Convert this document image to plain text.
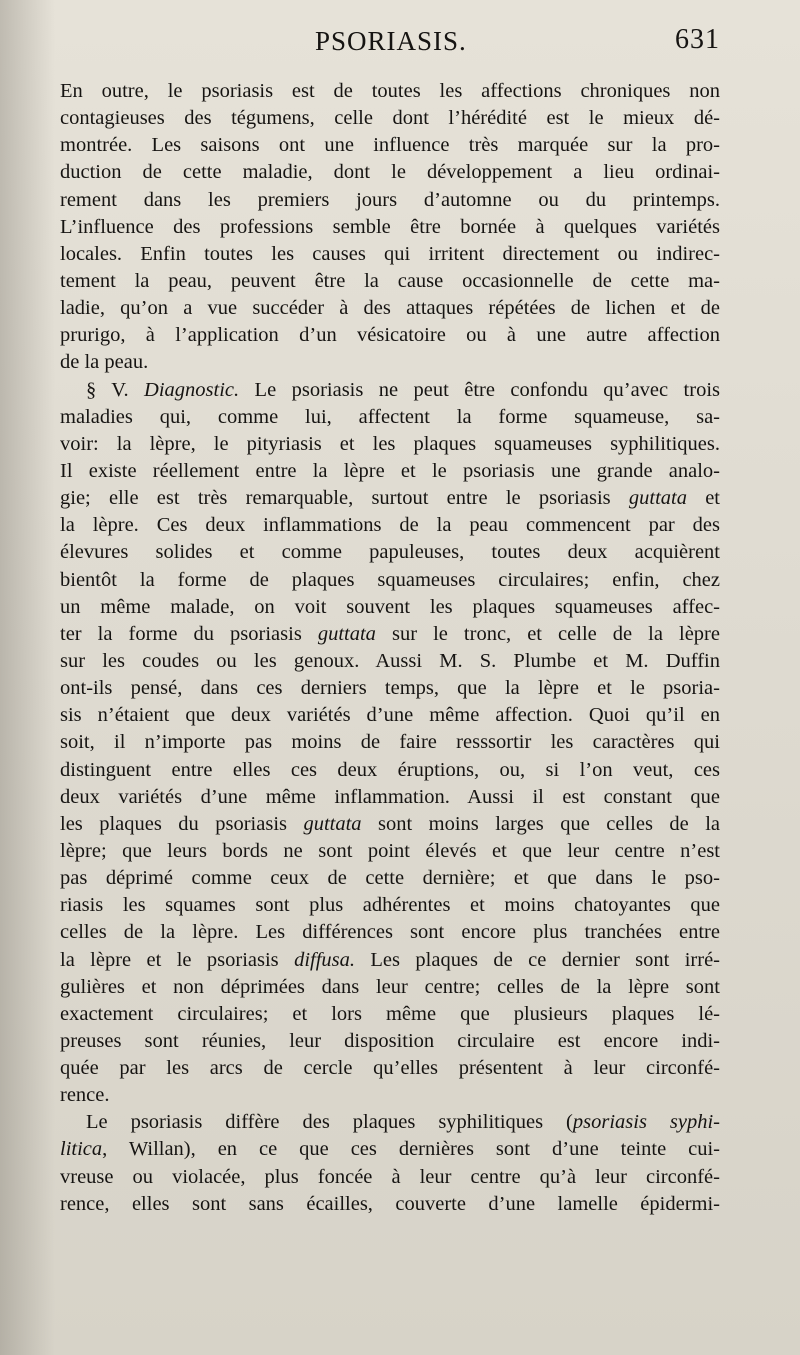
PSORIASIS.	631
En outre, le psoriasis est de toutes les affections chroniques non
contagieuses des tégumens, celle dont l’hérédité est le mieux dé-
montrée. Les saisons ont une influence très marquée sur la pro-
duction de cette maladie, dont le développement a lieu ordinai-
rement dans les premiers jours d’automne ou du printemps.
L’influence des professions semble être bornée à quelques variétés
locales. Enfin toutes les causes qui irritent directement ou indirec-
tement la peau, peuvent être la cause occasionnelle de cette ma-
ladie, qu’on a vue succéder à des attaques répétées de lichen et de
prurigo, à l’application d’un vésicatoire ou à une autre affection
de la peau.
§ V. Diagnostic. Le psoriasis ne peut être confondu qu’avec trois
maladies qui, comme lui, affectent la forme squameuse, sa-
voir: la lèpre, le pityriasis et les plaques squameuses syphilitiques.
Il existe réellement entre la lèpre et le psoriasis une grande analo-
gie; elle est très remarquable, surtout entre le psoriasis guttata et
la lèpre. Ces deux inflammations de la peau commencent par des
élevures solides et comme papuleuses, toutes deux acquièrent
bientôt la forme de plaques squameuses circulaires; enfin, chez
un même malade, on voit souvent les plaques squameuses affec-
ter la forme du psoriasis guttata sur le tronc, et celle de la lèpre
sur les coudes ou les genoux. Aussi M. S. Plumbe et M. Duffin
ont-ils pensé, dans ces derniers temps, que la lèpre et le psoria-
sis n’étaient que deux variétés d’une même affection. Quoi qu’il en
soit, il n’importe pas moins de faire resssortir les caractères qui
distinguent entre elles ces deux éruptions, ou, si l’on veut, ces
deux variétés d’une même inflammation. Aussi il est constant que
les plaques du psoriasis guttata sont moins larges que celles de la
lèpre; que leurs bords ne sont point élevés et que leur centre n’est
pas déprimé comme ceux de cette dernière; et que dans le pso-
riasis les squames sont plus adhérentes et moins chatoyantes que
celles de la lèpre. Les différences sont encore plus tranchées entre
la lèpre et le psoriasis diffusa. Les plaques de ce dernier sont irré-
gulières et non déprimées dans leur centre; celles de la lèpre sont
exactement circulaires; et lors même que plusieurs plaques lé-
preuses sont réunies, leur disposition circulaire est encore indi-
quée par les arcs de cercle qu’elles présentent à leur circonfé-
rence.
Le psoriasis diffère des plaques syphilitiques (psoriasis syphi-
litica, Willan), en ce que ces dernières sont d’une teinte cui-
vreuse ou violacée, plus foncée à leur centre qu’à leur circonfé-
rence, elles sont sans écailles, couverte d’une lamelle épidermi-
